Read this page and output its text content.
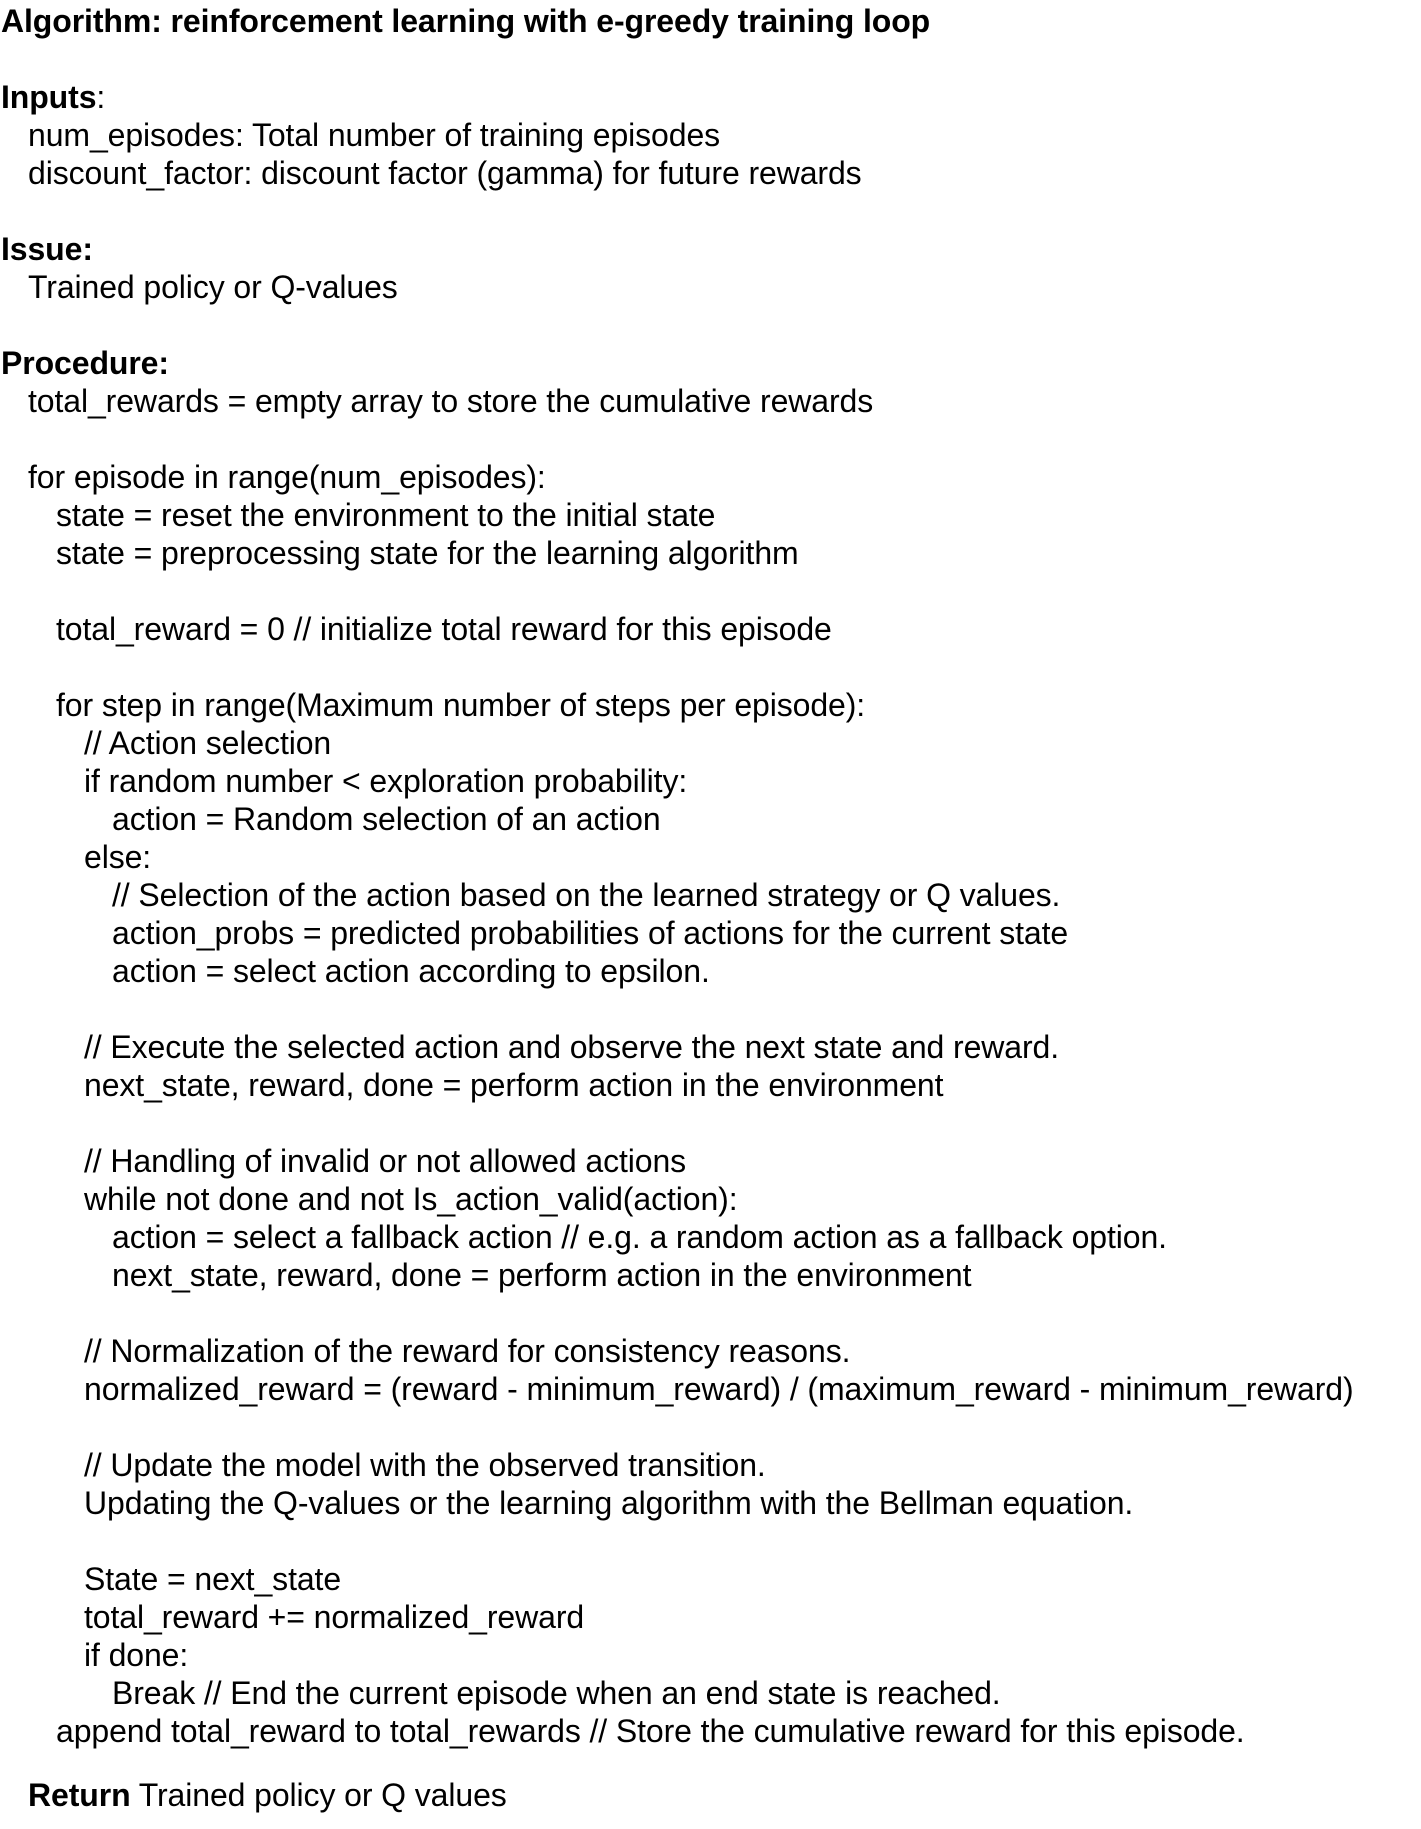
Algorithm: reinforcement learning with e-greedy training loop
Inputs:
num_episodes: Total number of training episodes
discount_factor: discount factor (gamma) for future rewards
Issue:
Trained policy or Q-values
Procedure:
total_rewards = empty array to store the cumulative rewards
for episode in range(num_episodes):
state = reset the environment to the initial state
state = preprocessing state for the learning algorithm
total_reward = 0 // initialize total reward for this episode
for step in range(Maximum number of steps per episode):
// Action selection
if random number < exploration probability:
action = Random selection of an action
else:
// Selection of the action based on the learned strategy or Q values.
action_probs = predicted probabilities of actions for the current state
action = select action according to epsilon.
// Execute the selected action and observe the next state and reward.
next_state, reward, done = perform action in the environment
// Handling of invalid or not allowed actions
while not done and not Is_action_valid(action):
action = select a fallback action // e.g. a random action as a fallback option.
next_state, reward, done = perform action in the environment
// Normalization of the reward for consistency reasons.
normalized_reward = (reward - minimum_reward) / (maximum_reward - minimum_reward)
// Update the model with the observed transition.
Updating the Q-values or the learning algorithm with the Bellman equation.
State = next_state
total_reward += normalized_reward
if done:
Break // End the current episode when an end state is reached.
append total_reward to total_rewards // Store the cumulative reward for this episode.
Return Trained policy or Q values
